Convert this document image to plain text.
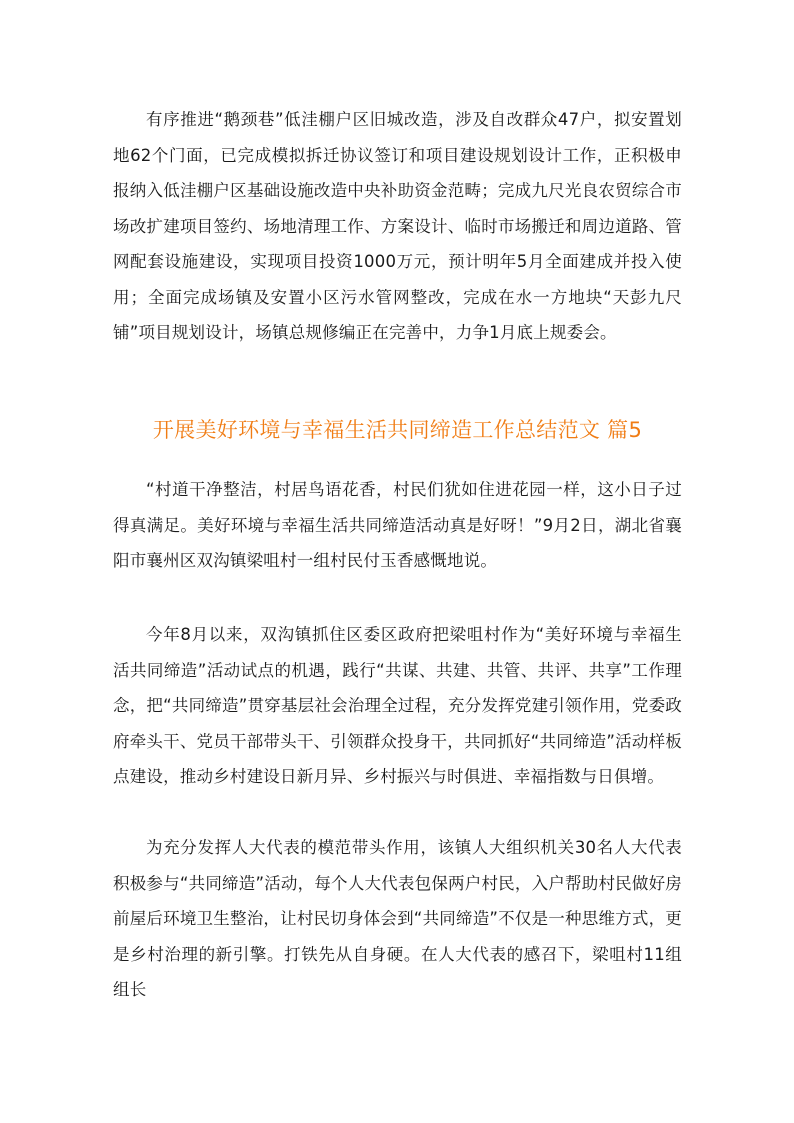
有序推进“鹅颈巷”低洼棚户区旧城改造，涉及自改群众47户，拟安置划地62个门面，已完成模拟拆迁协议签订和项目建设规划设计工作，正积极申报纳入低洼棚户区基础设施改造中央补助资金范畴；完成九尺光良农贸综合市场改扩建项目签约、场地清理工作、方案设计、临时市场搬迁和周边道路、管网配套设施建设，实现项目投资1000万元，预计明年5月全面建成并投入使用；全面完成场镇及安置小区污水管网整改，完成在水一方地块“天彭九尺铺”项目规划设计，场镇总规修编正在完善中，力争1月底上规委会。

开展美好环境与幸福生活共同缔造工作总结范文 篇5

“村道干净整洁，村居鸟语花香，村民们犹如住进花园一样，这小日子过得真满足。美好环境与幸福生活共同缔造活动真是好呀！”9月2日，湖北省襄阳市襄州区双沟镇梁咀村一组村民付玉香感慨地说。

今年8月以来，双沟镇抓住区委区政府把梁咀村作为“美好环境与幸福生活共同缔造”活动试点的机遇，践行“共谋、共建、共管、共评、共享”工作理念，把“共同缔造”贯穿基层社会治理全过程，充分发挥党建引领作用，党委政府牵头干、党员干部带头干、引领群众投身干，共同抓好“共同缔造”活动样板点建设，推动乡村建设日新月异、乡村振兴与时俱进、幸福指数与日俱增。

为充分发挥人大代表的模范带头作用，该镇人大组织机关30名人大代表积极参与“共同缔造”活动，每个人大代表包保两户村民，入户帮助村民做好房前屋后环境卫生整治，让村民切身体会到“共同缔造”不仅是一种思维方式，更是乡村治理的新引擎。打铁先从自身硬。在人大代表的感召下，梁咀村11组组长
